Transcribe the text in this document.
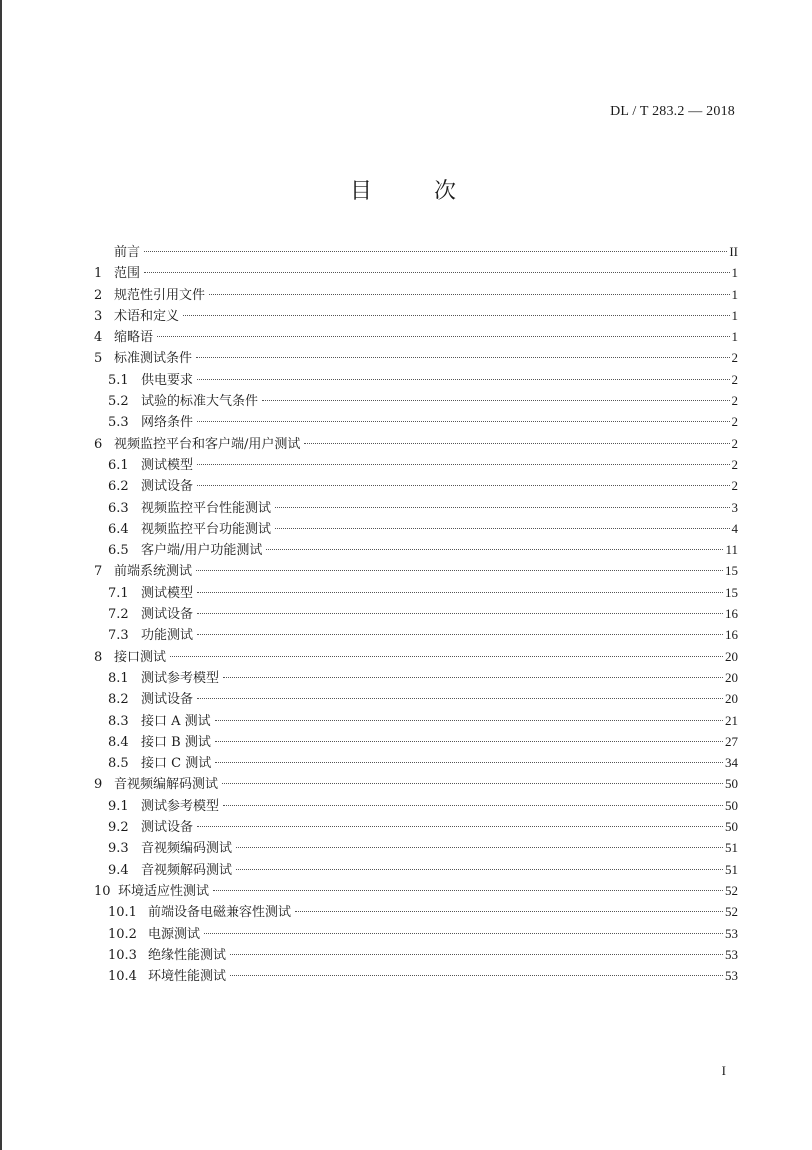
DL / T 283.2 — 2018
目　　次
前言	II
1 范围	1
2 规范性引用文件	1
3 术语和定义	1
4 缩略语	1
5 标准测试条件	2
5.1 供电要求	2
5.2 试验的标准大气条件	2
5.3 网络条件	2
6 视频监控平台和客户端/用户测试	2
6.1 测试模型	2
6.2 测试设备	2
6.3 视频监控平台性能测试	3
6.4 视频监控平台功能测试	4
6.5 客户端/用户功能测试	11
7 前端系统测试	15
7.1 测试模型	15
7.2 测试设备	16
7.3 功能测试	16
8 接口测试	20
8.1 测试参考模型	20
8.2 测试设备	20
8.3 接口 A 测试	21
8.4 接口 B 测试	27
8.5 接口 C 测试	34
9 音视频编解码测试	50
9.1 测试参考模型	50
9.2 测试设备	50
9.3 音视频编码测试	51
9.4 音视频解码测试	51
10 环境适应性测试	52
10.1 前端设备电磁兼容性测试	52
10.2 电源测试	53
10.3 绝缘性能测试	53
10.4 环境性能测试	53
I
